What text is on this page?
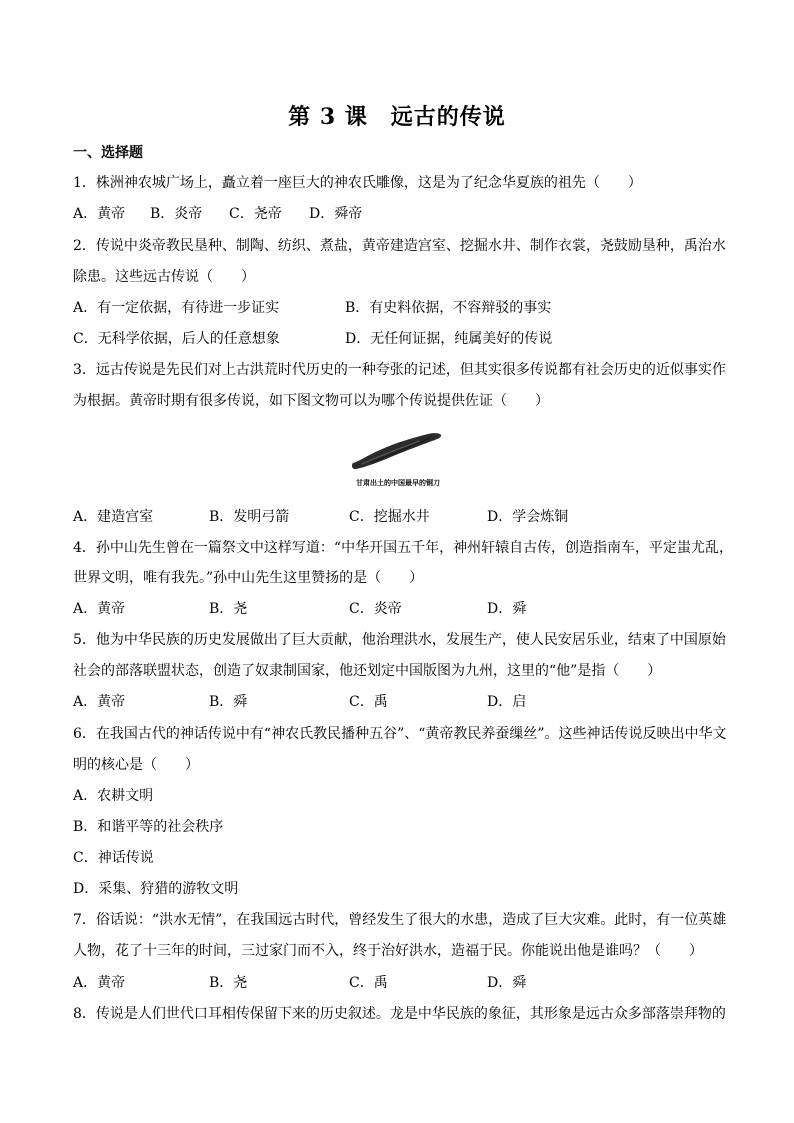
第 3 课　远古的传说
一、选择题
1．株洲神农城广场上，矗立着一座巨大的神农氏雕像，这是为了纪念华夏族的祖先（　　）
A．黄帝 B．炎帝 C．尧帝 D．舜帝
2．传说中炎帝教民垦种、制陶、纺织、煮盐，黄帝建造宫室、挖掘水井、制作衣裳，尧鼓励垦种，禹治水
除患。这些远古传说（　　）
A．有一定依据，有待进一步证实	B．有史料依据，不容辩驳的事实
C．无科学依据，后人的任意想象	D．无任何证据，纯属美好的传说
3．远古传说是先民们对上古洪荒时代历史的一种夸张的记述，但其实很多传说都有社会历史的近似事实作
为根据。黄帝时期有很多传说，如下图文物可以为哪个传说提供佐证（　　）
甘肃出土的中国最早的铜刀
A．建造宫室	B．发明弓箭	C．挖掘水井	D．学会炼铜
4．孙中山先生曾在一篇祭文中这样写道：“中华开国五千年，神州轩辕自古传，创造指南车，平定蚩尤乱，
世界文明，唯有我先。”孙中山先生这里赞扬的是（　　）
A．黄帝	B．尧	C．炎帝	D．舜
5．他为中华民族的历史发展做出了巨大贡献，他治理洪水，发展生产，使人民安居乐业，结束了中国原始
社会的部落联盟状态，创造了奴隶制国家，他还划定中国版图为九州，这里的“他”是指（　　）
A．黄帝	B．舜	C．禹	D．启
6．在我国古代的神话传说中有“神农氏教民播种五谷”、“黄帝教民养蚕缫丝”。这些神话传说反映出中华文
明的核心是（　　）
A．农耕文明
B．和谐平等的社会秩序
C．神话传说
D．采集、狩猎的游牧文明
7．俗话说：“洪水无情”，在我国远古时代，曾经发生了很大的水患，造成了巨大灾难。此时，有一位英雄
人物，花了十三年的时间，三过家门而不入，终于治好洪水，造福于民。你能说出他是谁吗？（　　）
A．黄帝	B．尧	C．禹	D．舜
8．传说是人们世代口耳相传保留下来的历史叙述。龙是中华民族的象征，其形象是远古众多部落崇拜物的
